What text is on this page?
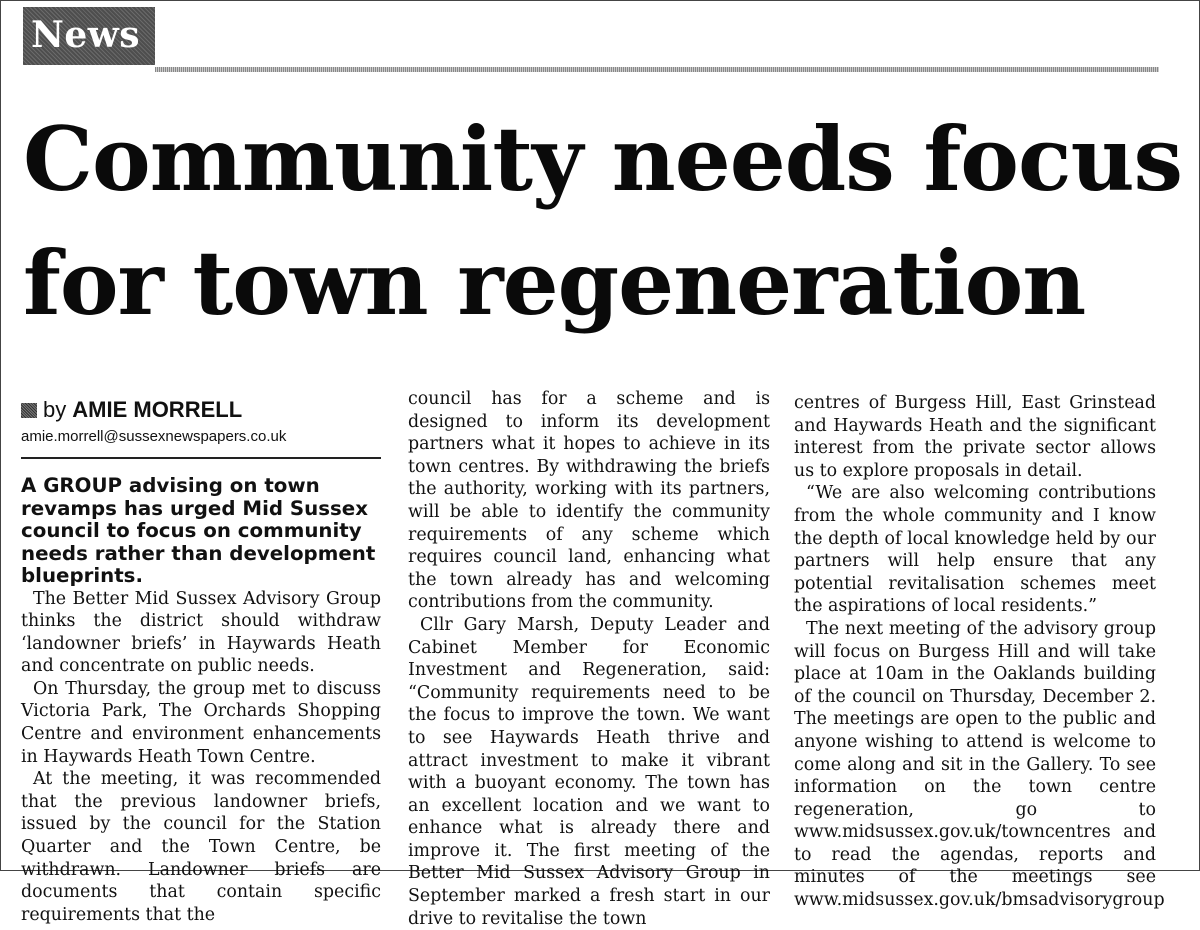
News
Community needs focus for town regeneration

by AMIE MORRELL

amie.morrell@sussexnewspapers.co.uk

A GROUP advising on town revamps has urged Mid Sussex council to focus on community needs rather than development blueprints.

The Better Mid Sussex Advisory Group thinks the district should withdraw ‘landowner briefs’ in Haywards Heath and concentrate on public needs.

On Thursday, the group met to discuss Victoria Park, The Orchards Shopping Centre and environment enhancements in Haywards Heath Town Centre.

At the meeting, it was recommended that the previous landowner briefs, issued by the council for the Station Quarter and the Town Centre, be withdrawn. Landowner briefs are documents that contain specific requirements that the

council has for a scheme and is designed to inform its development partners what it hopes to achieve in its town centres. By withdrawing the briefs the authority, working with its partners, will be able to identify the community requirements of any scheme which requires council land, enhancing what the town already has and welcoming contributions from the community.

Cllr Gary Marsh, Deputy Leader and Cabinet Member for Economic Investment and Regeneration, said: “Community requirements need to be the focus to improve the town. We want to see Haywards Heath thrive and attract investment to make it vibrant with a buoyant economy. The town has an excellent location and we want to enhance what is already there and improve it. The first meeting of the Better Mid Sussex Advisory Group in September marked a fresh start in our drive to revitalise the town

centres of Burgess Hill, East Grinstead and Haywards Heath and the significant interest from the private sector allows us to explore proposals in detail.

“We are also welcoming contributions from the whole community and I know the depth of local knowledge held by our partners will help ensure that any potential revitalisation schemes meet the aspirations of local residents.”

The next meeting of the advisory group will focus on Burgess Hill and will take place at 10am in the Oaklands building of the council on Thursday, December 2. The meetings are open to the public and anyone wishing to attend is welcome to come along and sit in the Gallery. To see information on the town centre regeneration, go to www.midsussex.gov.uk/towncentres and to read the agendas, reports and minutes of the meetings see www.midsussex.gov.uk/bmsadvisorygroup
